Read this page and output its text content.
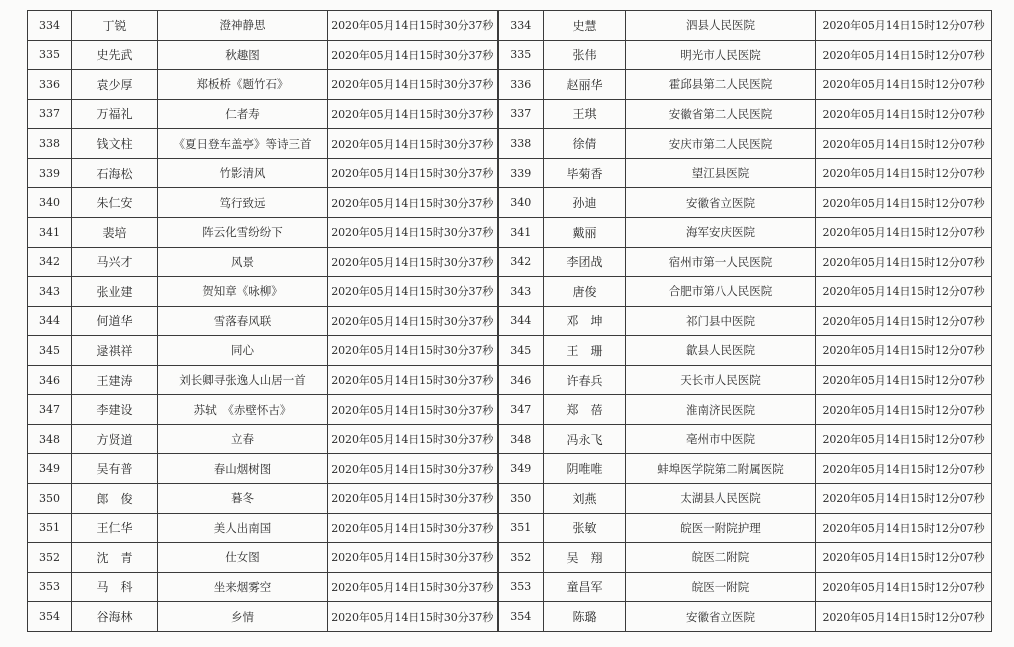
334	丁锐	澄神静思	2020年05月14日15时30分37秒	334	史慧	泗县人民医院	2020年05月14日15时12分07秒
335	史先武	秋趣图	2020年05月14日15时30分37秒	335	张伟	明光市人民医院	2020年05月14日15时12分07秒
336	袁少厚	郑板桥《题竹石》	2020年05月14日15时30分37秒	336	赵丽华	霍邱县第二人民医院	2020年05月14日15时12分07秒
337	万福礼	仁者寿	2020年05月14日15时30分37秒	337	王琪	安徽省第二人民医院	2020年05月14日15时12分07秒
338	钱文柱	《夏日登车盖亭》等诗三首	2020年05月14日15时30分37秒	338	徐倩	安庆市第二人民医院	2020年05月14日15时12分07秒
339	石海松	竹影清风	2020年05月14日15时30分37秒	339	毕菊香	望江县医院	2020年05月14日15时12分07秒
340	朱仁安	笃行致远	2020年05月14日15时30分37秒	340	孙迪	安徽省立医院	2020年05月14日15时12分07秒
341	裴培	阵云化雪纷纷下	2020年05月14日15时30分37秒	341	戴丽	海军安庆医院	2020年05月14日15时12分07秒
342	马兴才	风景	2020年05月14日15时30分37秒	342	李团战	宿州市第一人民医院	2020年05月14日15时12分07秒
343	张业建	贺知章《咏柳》	2020年05月14日15时30分37秒	343	唐俊	合肥市第八人民医院	2020年05月14日15时12分07秒
344	何道华	雪落春风联	2020年05月14日15时30分37秒	344	邓　坤	祁门县中医院	2020年05月14日15时12分07秒
345	逯祺祥	同心	2020年05月14日15时30分37秒	345	王　珊	歙县人民医院	2020年05月14日15时12分07秒
346	王建涛	刘长卿寻张逸人山居一首	2020年05月14日15时30分37秒	346	许春兵	天长市人民医院	2020年05月14日15时12分07秒
347	李建设	苏轼　《赤壁怀古》	2020年05月14日15时30分37秒	347	郑　蓓	淮南济民医院	2020年05月14日15时12分07秒
348	方贤道	立春	2020年05月14日15时30分37秒	348	冯永飞	亳州市中医院	2020年05月14日15时12分07秒
349	吴有普	春山烟树图	2020年05月14日15时30分37秒	349	阴唯唯	蚌埠医学院第二附属医院	2020年05月14日15时12分07秒
350	郎　俊	暮冬	2020年05月14日15时30分37秒	350	刘燕	太湖县人民医院	2020年05月14日15时12分07秒
351	王仁华	美人出南国	2020年05月14日15时30分37秒	351	张敏	皖医一附院护理	2020年05月14日15时12分07秒
352	沈　青	仕女图	2020年05月14日15时30分37秒	352	吴　翔	皖医二附院	2020年05月14日15时12分07秒
353	马　科	坐来烟雾空	2020年05月14日15时30分37秒	353	童昌军	皖医一附院	2020年05月14日15时12分07秒
354	谷海林	乡情	2020年05月14日15时30分37秒	354	陈璐	安徽省立医院	2020年05月14日15时12分07秒
